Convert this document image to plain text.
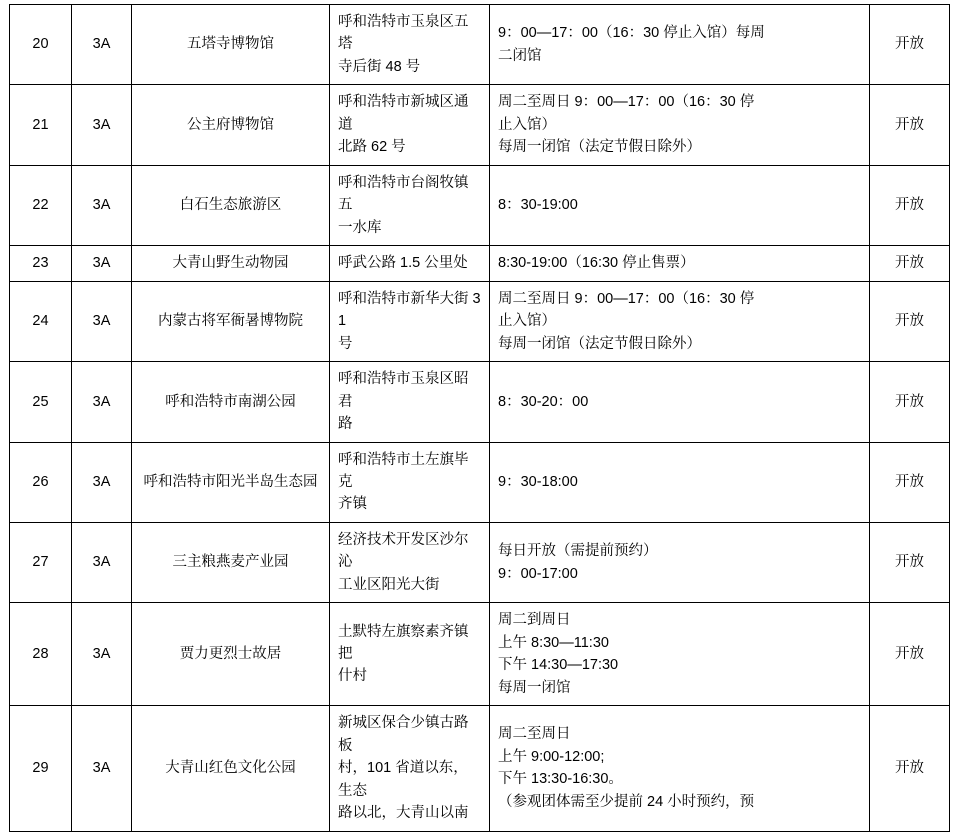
20	3A	五塔寺博物馆	呼和浩特市玉泉区五塔
寺后街 48 号	9：00—17：00（16：30 停止入馆）每周
二闭馆	开放
21	3A	公主府博物馆	呼和浩特市新城区通道
北路 62 号	周二至周日 9：00—17：00（16：30 停
止入馆）
每周一闭馆（法定节假日除外）	开放
22	3A	白石生态旅游区	呼和浩特市台阁牧镇五
一水库	8：30-19:00	开放
23	3A	大青山野生动物园	呼武公路 1.5 公里处	8:30-19:00（16:30 停止售票）	开放
24	3A	内蒙古将军衙暑博物院	呼和浩特市新华大街 31
号	周二至周日 9：00—17：00（16：30 停
止入馆）
每周一闭馆（法定节假日除外）	开放
25	3A	呼和浩特市南湖公园	呼和浩特市玉泉区昭君
路	8：30-20：00	开放
26	3A	呼和浩特市阳光半岛生态园	呼和浩特市土左旗毕克
齐镇	9：30-18:00	开放
27	3A	三主粮燕麦产业园	经济技术开发区沙尔沁
工业区阳光大街	每日开放（需提前预约）
9：00-17:00	开放
28	3A	贾力更烈士故居	土默特左旗察素齐镇把
什村	周二到周日
上午 8:30—11:30
下午 14:30—17:30
每周一闭馆	开放
29	3A	大青山红色文化公园	新城区保合少镇古路板
村，101 省道以东，生态
路以北，大青山以南	周二至周日
上午 9:00-12:00;
下午 13:30-16:30。
（参观团体需至少提前 24 小时预约，预	开放
